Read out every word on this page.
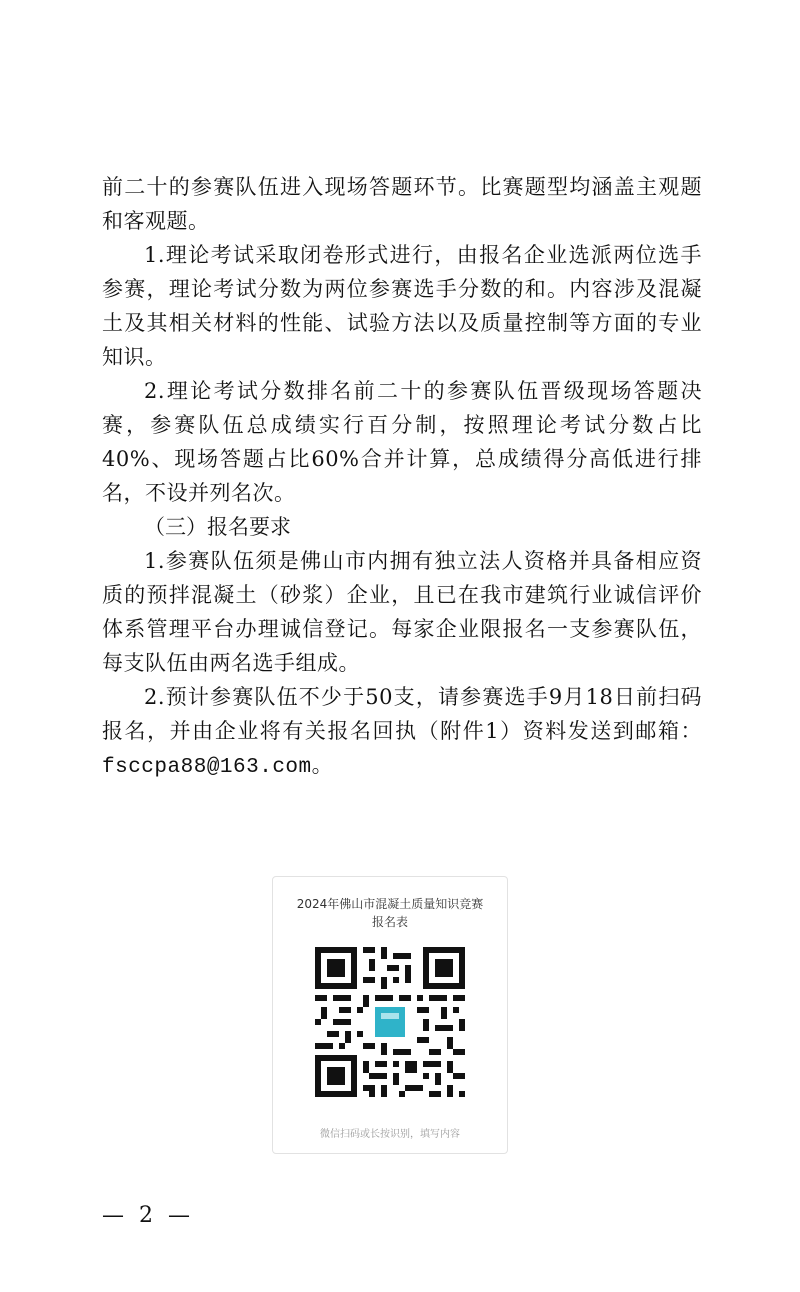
前二十的参赛队伍进入现场答题环节。比赛题型均涵盖主观题和客观题。

1.理论考试采取闭卷形式进行，由报名企业选派两位选手参赛，理论考试分数为两位参赛选手分数的和。内容涉及混凝土及其相关材料的性能、试验方法以及质量控制等方面的专业知识。

2.理论考试分数排名前二十的参赛队伍晋级现场答题决赛，参赛队伍总成绩实行百分制，按照理论考试分数占比40%、现场答题占比60%合并计算，总成绩得分高低进行排名，不设并列名次。

（三）报名要求

1.参赛队伍须是佛山市内拥有独立法人资格并具备相应资质的预拌混凝土（砂浆）企业，且已在我市建筑行业诚信评价体系管理平台办理诚信登记。每家企业限报名一支参赛队伍，每支队伍由两名选手组成。

2.预计参赛队伍不少于50支，请参赛选手9月18日前扫码报名，并由企业将有关报名回执（附件1）资料发送到邮箱：fsccpa88@163.com。

2024年佛山市混凝土质量知识竞赛
报名表
微信扫码或长按识别，填写内容
— 2 —
